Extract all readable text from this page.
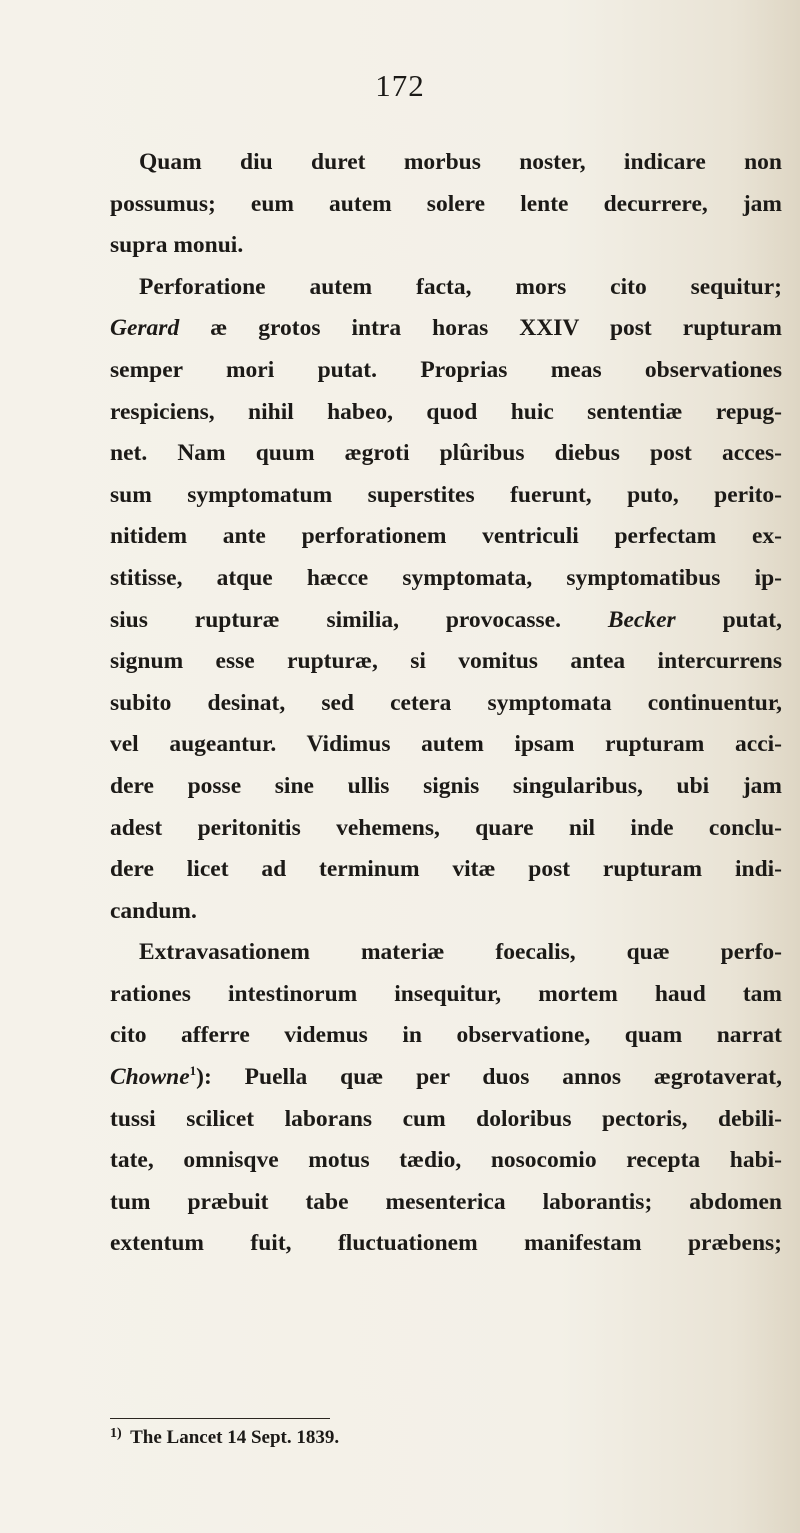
172
Quam diu duret morbus noster, indicare non
possumus; eum autem solere lente decurrere, jam
supra monui.
Perforatione autem facta, mors cito sequitur;
Gerard æ grotos intra horas XXIV post rupturam
semper mori putat. Proprias meas observationes
respiciens, nihil habeo, quod huic sententiæ repug-
net. Nam quum ægroti plûribus diebus post acces-
sum symptomatum superstites fuerunt, puto, perito-
nitidem ante perforationem ventriculi perfectam ex-
stitisse, atque hæcce symptomata, symptomatibus ip-
sius rupturæ similia, provocasse. Becker putat,
signum esse rupturæ, si vomitus antea intercurrens
subito desinat, sed cetera symptomata continuentur,
vel augeantur. Vidimus autem ipsam rupturam acci-
dere posse sine ullis signis singularibus, ubi jam
adest peritonitis vehemens, quare nil inde conclu-
dere licet ad terminum vitæ post rupturam indi-
candum.
Extravasationem materiæ foecalis, quæ perfo-
rationes intestinorum insequitur, mortem haud tam
cito afferre videmus in observatione, quam narrat
Chowne$^1$): Puella quæ per duos annos ægrotaverat,
tussi scilicet laborans cum doloribus pectoris, debili-
tate, omnisqve motus tædio, nosocomio recepta habi-
tum præbuit tabe mesenterica laborantis; abdomen
extentum fuit, fluctuationem manifestam præbens;
$^{1)}$ The Lancet 14 Sept. 1839.
